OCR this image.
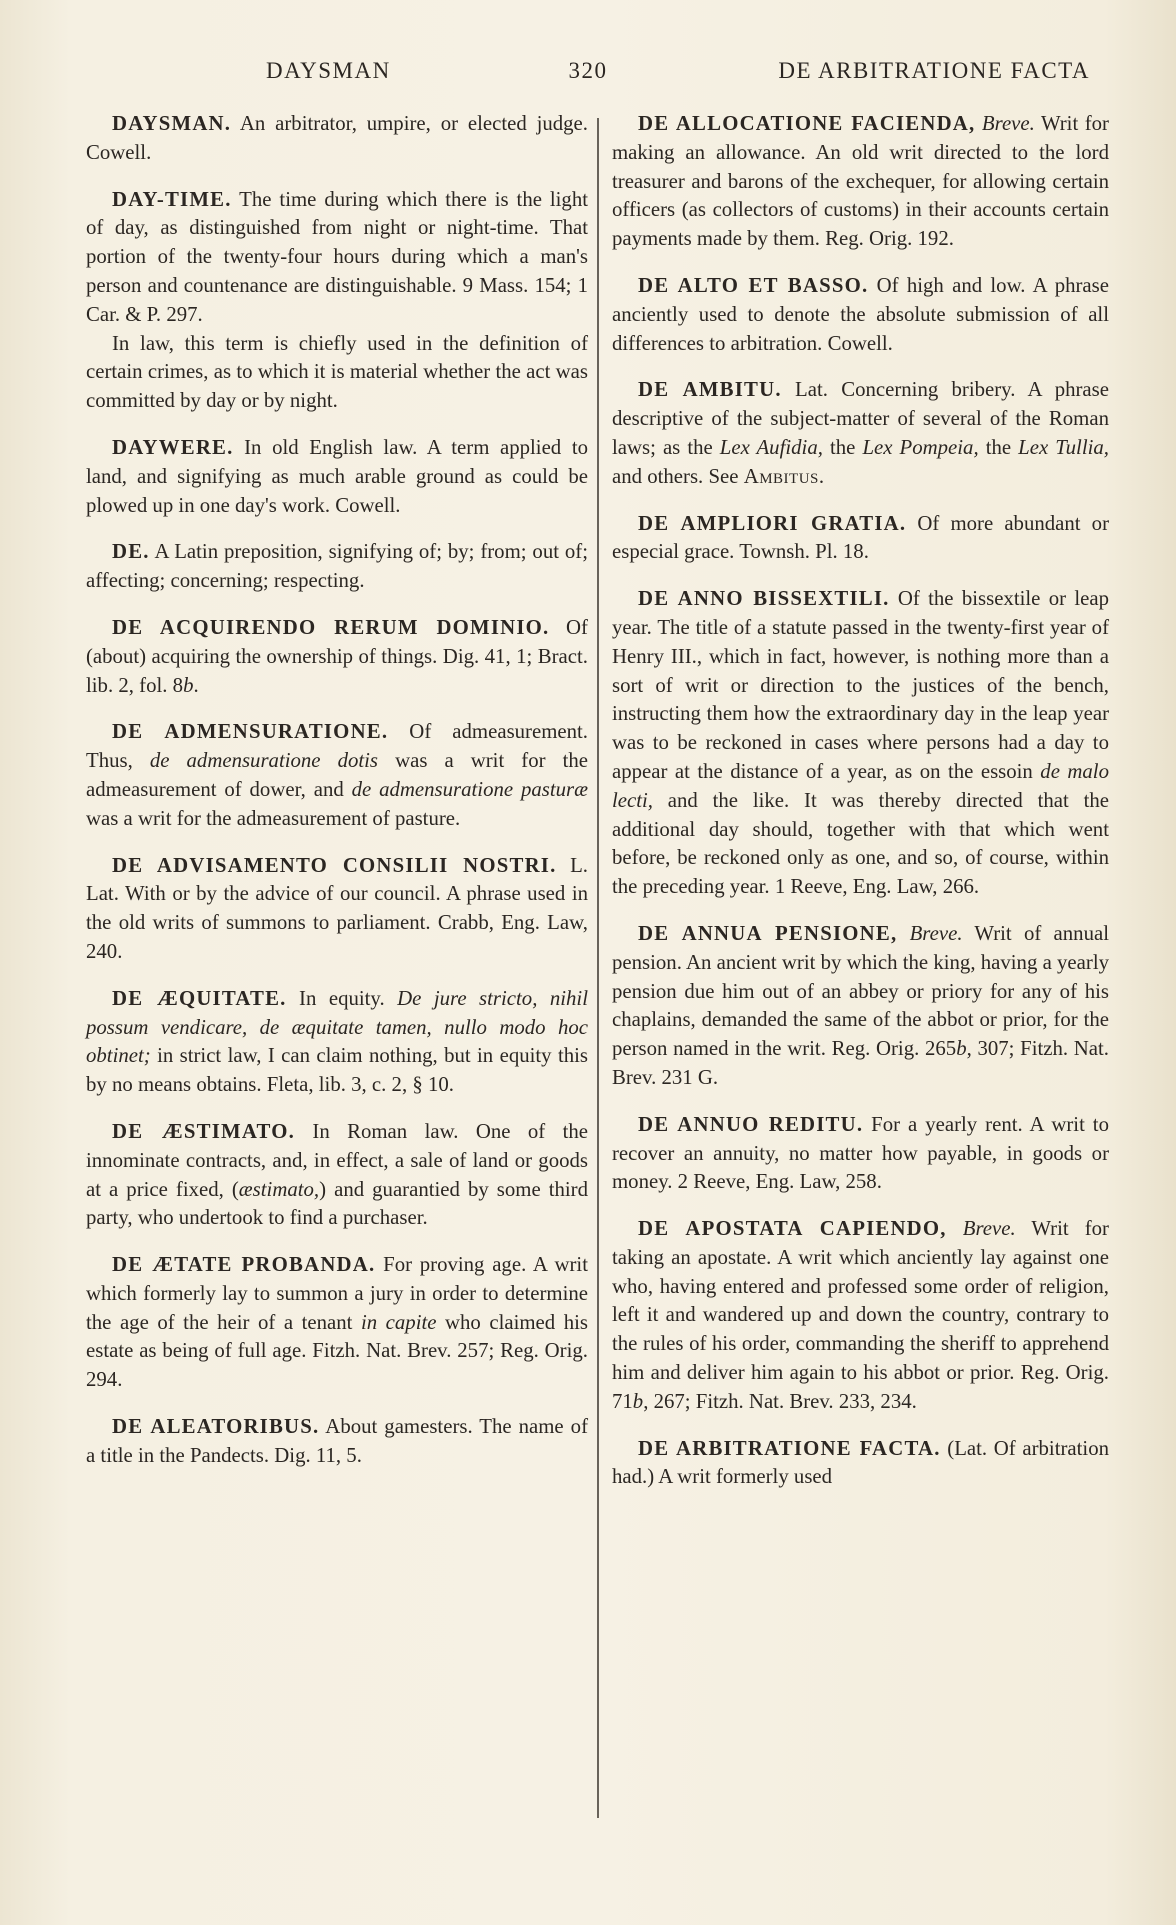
DAYSMAN	320	DE ARBITRATIONE FACTA
DAYSMAN. An arbitrator, umpire, or elected judge. Cowell.

DAY-TIME. The time during which there is the light of day, as distinguished from night or night-time. That portion of the twenty-four hours during which a man's person and countenance are distinguishable. 9 Mass. 154; 1 Car. & P. 297.

In law, this term is chiefly used in the definition of certain crimes, as to which it is material whether the act was committed by day or by night.

DAYWERE. In old English law. A term applied to land, and signifying as much arable ground as could be plowed up in one day's work. Cowell.
DE. A Latin preposition, signifying of; by; from; out of; affecting; concerning; respecting.
DE ACQUIRENDO RERUM DOMINIO. Of (about) acquiring the ownership of things. Dig. 41, 1; Bract. lib. 2, fol. 8b.
DE ADMENSURATIONE. Of admeasurement. Thus, de admensuratione dotis was a writ for the admeasurement of dower, and de admensuratione pasturæ was a writ for the admeasurement of pasture.
DE ADVISAMENTO CONSILII NOSTRI. L. Lat. With or by the advice of our council. A phrase used in the old writs of summons to parliament. Crabb, Eng. Law, 240.
DE ÆQUITATE. In equity. De jure stricto, nihil possum vendicare, de æquitate tamen, nullo modo hoc obtinet; in strict law, I can claim nothing, but in equity this by no means obtains. Fleta, lib. 3, c. 2, § 10.
DE ÆSTIMATO. In Roman law. One of the innominate contracts, and, in effect, a sale of land or goods at a price fixed, (æstimato,) and guarantied by some third party, who undertook to find a purchaser.
DE ÆTATE PROBANDA. For proving age. A writ which formerly lay to summon a jury in order to determine the age of the heir of a tenant in capite who claimed his estate as being of full age. Fitzh. Nat. Brev. 257; Reg. Orig. 294.
DE ALEATORIBUS. About gamesters. The name of a title in the Pandects. Dig. 11, 5.
DE ALLOCATIONE FACIENDA, Breve. Writ for making an allowance. An old writ directed to the lord treasurer and barons of the exchequer, for allowing certain officers (as collectors of customs) in their accounts certain payments made by them. Reg. Orig. 192.
DE ALTO ET BASSO. Of high and low. A phrase anciently used to denote the absolute submission of all differences to arbitration. Cowell.
DE AMBITU. Lat. Concerning bribery. A phrase descriptive of the subject-matter of several of the Roman laws; as the Lex Aufidia, the Lex Pompeia, the Lex Tullia, and others. See Ambitus.
DE AMPLIORI GRATIA. Of more abundant or especial grace. Townsh. Pl. 18.
DE ANNO BISSEXTILI. Of the bissextile or leap year. The title of a statute passed in the twenty-first year of Henry III., which in fact, however, is nothing more than a sort of writ or direction to the justices of the bench, instructing them how the extraordinary day in the leap year was to be reckoned in cases where persons had a day to appear at the distance of a year, as on the essoin de malo lecti, and the like. It was thereby directed that the additional day should, together with that which went before, be reckoned only as one, and so, of course, within the preceding year. 1 Reeve, Eng. Law, 266.
DE ANNUA PENSIONE, Breve. Writ of annual pension. An ancient writ by which the king, having a yearly pension due him out of an abbey or priory for any of his chaplains, demanded the same of the abbot or prior, for the person named in the writ. Reg. Orig. 265b, 307; Fitzh. Nat. Brev. 231 G.
DE ANNUO REDITU. For a yearly rent. A writ to recover an annuity, no matter how payable, in goods or money. 2 Reeve, Eng. Law, 258.
DE APOSTATA CAPIENDO, Breve. Writ for taking an apostate. A writ which anciently lay against one who, having entered and professed some order of religion, left it and wandered up and down the country, contrary to the rules of his order, commanding the sheriff to apprehend him and deliver him again to his abbot or prior. Reg. Orig. 71b, 267; Fitzh. Nat. Brev. 233, 234.
DE ARBITRATIONE FACTA. (Lat. Of arbitration had.) A writ formerly used
